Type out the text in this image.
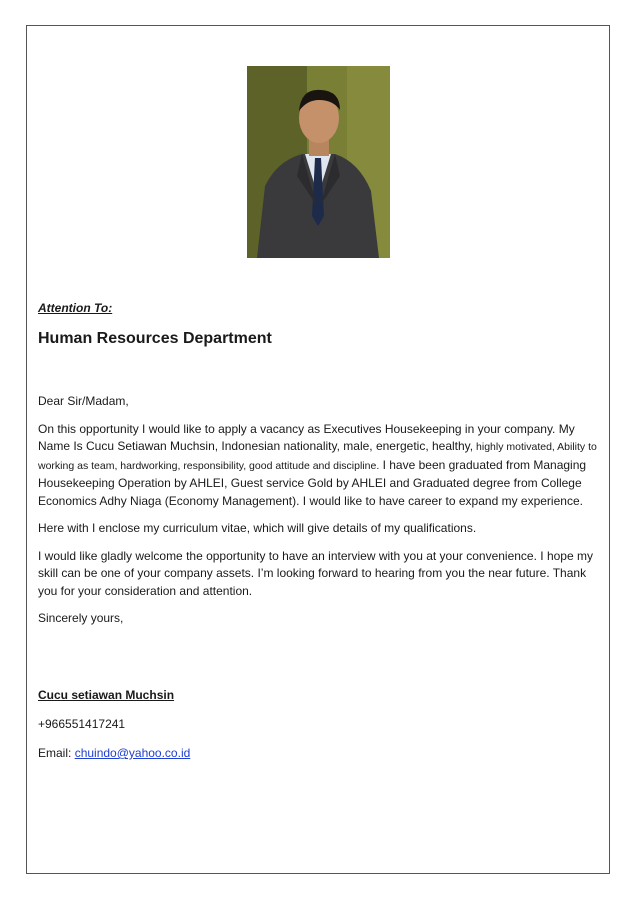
Attention To:
Human Resources Department

Dear Sir/Madam,

On this opportunity I would like to apply a vacancy as Executives Housekeeping in your company. My Name Is Cucu Setiawan Muchsin, Indonesian nationality, male, energetic, healthy, highly motivated, Ability to working as team, hardworking, responsibility, good attitude and discipline. I have been graduated from Managing Housekeeping Operation by AHLEI, Guest service Gold by AHLEI and Graduated degree from College Economics Adhy Niaga (Economy Management). I would like to have career to expand my experience.

Here with I enclose my curriculum vitae, which will give details of my qualifications.

I would like gladly welcome the opportunity to have an interview with you at your convenience. I hope my skill can be one of your company assets. I’m looking forward to hearing from you the near future. Thank you for your consideration and attention.

Sincerely yours,

Cucu setiawan Muchsin
+966551417241
Email: chuindo@yahoo.co.id
